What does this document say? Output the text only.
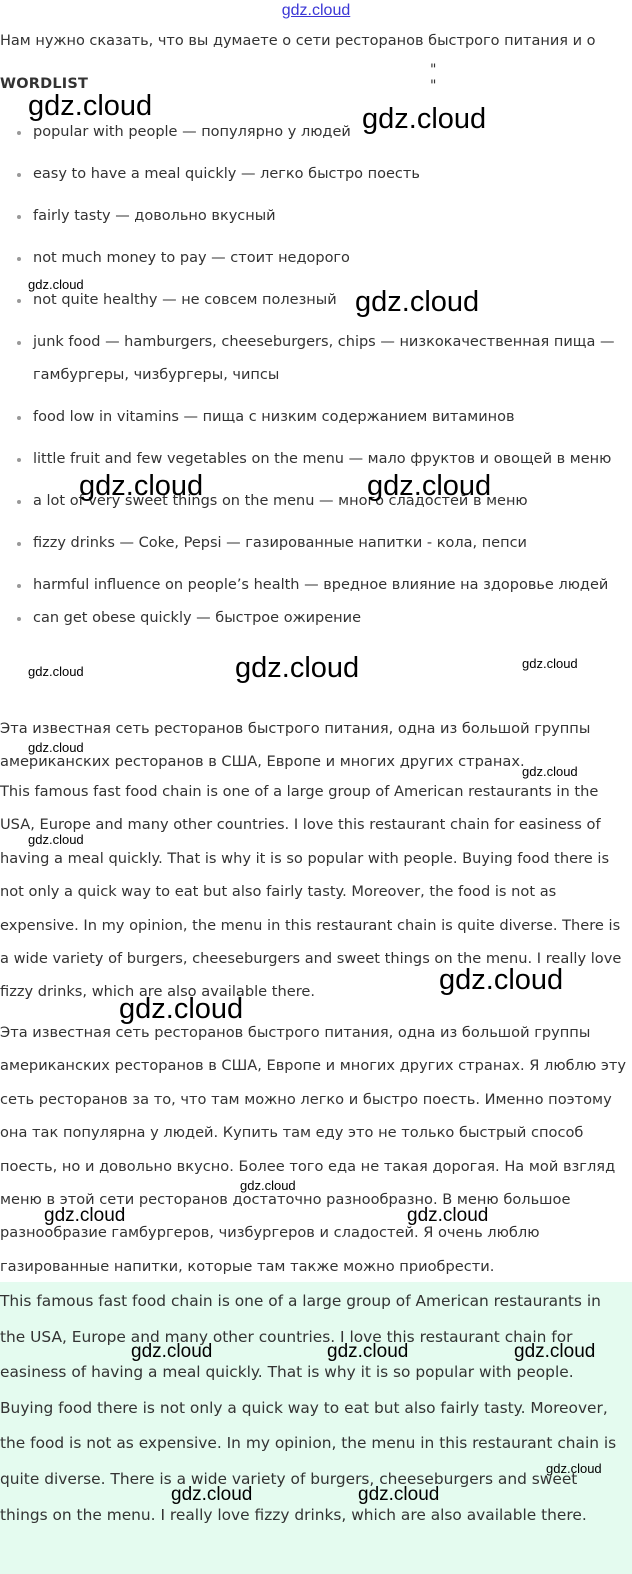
gdz.cloud
Нам нужно сказать, что вы думаете о сети ресторанов быстрого питания и о
" "
WORDLIST
popular with people — популярно у людей
easy to have a meal quickly — легко быстро поесть
fairly tasty — довольно вкусный
not much money to pay — стоит недорого
not quite healthy — не совсем полезный
junk food — hamburgers, cheeseburgers, chips — низкокачественная пища — гамбургеры, чизбургеры, чипсы
food low in vitamins — пища с низким содержанием витаминов
little fruit and few vegetables on the menu — мало фруктов и овощей в меню
a lot of very sweet things on the menu — много сладостей в меню
fizzy drinks — Coke, Pepsi — газированные напитки - кола, пепси
harmful influence on people’s health — вредное влияние на здоровье людей
can get obese quickly — быстрое ожирение

Эта известная сеть ресторанов быстрого питания, одна из большой группы американских ресторанов в США, Европе и многих других странах.

This famous fast food chain is one of a large group of American restaurants in the USA, Europe and many other countries. I love this restaurant chain for easiness of having a meal quickly. That is why it is so popular with people. Buying food there is not only a quick way to eat but also fairly tasty. Moreover, the food is not as expensive. In my opinion, the menu in this restaurant chain is quite diverse. There is a wide variety of burgers, cheeseburgers and sweet things on the menu. I really love fizzy drinks, which are also available there.

Эта известная сеть ресторанов быстрого питания, одна из большой группы американских ресторанов в США, Европе и многих других странах. Я люблю эту сеть ресторанов за то, что там можно легко и быстро поесть. Именно поэтому она так популярна у людей. Купить там еду это не только быстрый способ поесть, но и довольно вкусно. Более того еда не такая дорогая. На мой взгляд меню в этой сети ресторанов достаточно разнообразно. В меню большое разнообразие гамбургеров, чизбургеров и сладостей. Я очень люблю газированные напитки, которые там также можно приобрести.

This famous fast food chain is one of a large group of American restaurants in the USA, Europe and many other countries. I love this restaurant chain for easiness of having a meal quickly. That is why it is so popular with people. Buying food there is not only a quick way to eat but also fairly tasty. Moreover, the food is not as expensive. In my opinion, the menu in this restaurant chain is quite diverse. There is a wide variety of burgers, cheeseburgers and sweet things on the menu. I really love fizzy drinks, which are also available there.

gdz.cloud	gdz.cloud
gdz.cloud
gdz.cloud
gdz.cloud	gdz.cloud
gdz.cloud
gdz.cloud
gdz.cloud
gdz.cloud
gdz.cloud
gdz.cloud
gdz.cloud
gdz.cloud
gdz.cloud
gdz.cloud	gdz.cloud
gdz.cloud	gdz.cloud	gdz.cloud
gdz.cloud
gdz.cloud	gdz.cloud
